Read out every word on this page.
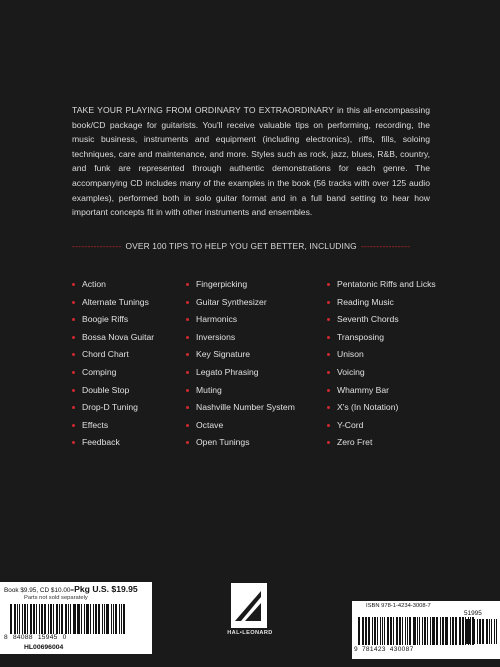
TAKE YOUR PLAYING FROM ORDINARY TO EXTRAORDINARY in this all-encompassing book/CD package for guitarists. You'll receive valuable tips on performing, recording, the music business, instruments and equipment (including electronics), riffs, fills, soloing techniques, care and maintenance, and more. Styles such as rock, jazz, blues, R&B, country, and funk are represented through authentic demonstrations for each genre. The accompanying CD includes many of the examples in the book (56 tracks with over 125 audio examples), performed both in solo guitar format and in a full band setting to hear how important concepts fit in with other instruments and ensembles.

---------------- OVER 100 TIPS TO HELP YOU GET BETTER, INCLUDING ----------------
Action
Alternate Tunings
Boogie Riffs
Bossa Nova Guitar
Chord Chart
Comping
Double Stop
Drop-D Tuning
Effects
Feedback
Fingerpicking
Guitar Synthesizer
Harmonics
Inversions
Key Signature
Legato Phrasing
Muting
Nashville Number System
Octave
Open Tunings
Pentatonic Riffs and Licks
Reading Music
Seventh Chords
Transposing
Unison
Voicing
Whammy Bar
X's (In Notation)
Y-Cord
Zero Fret
Book $9.95, CD $10.00=Pkg U.S. $19.95
Parts not sold separately
8 84088 15945 0
HL00696004
HAL•LEONARD
ISBN 978-1-4234-3008-7
51995
9 781423 430087
